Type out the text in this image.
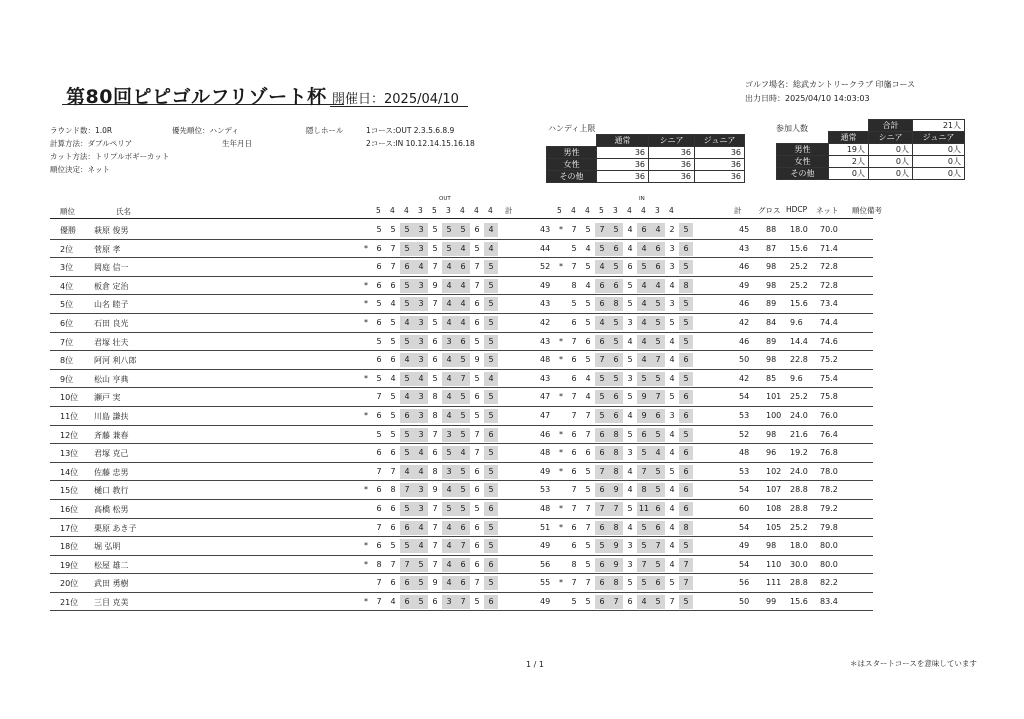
第80回ピピゴルフリゾート杯 開催日：2025/04/10
ゴルフ場名：総武カントリークラブ 印旛コース
出力日時：2025/04/10 14:03:03
ラウンド数：1.0R
計算方法：ダブルペリア
カット方法：トリプルボギーカット
順位決定：ネット
優先順位：ハンディ
生年月日
隠しホール	1コース:OUT 2.3.5.6.8.9
2コース:IN 10.12.14.15.16.18
ハンディ上限
	通常	シニア	ジュニア
男性	36	36	36
女性	36	36	36
その他	36	36	36
参加人数
			合計	21人
	通常	シニア	ジュニア
男性	19人	0人	0人
女性	2人	0人	0人
その他	0人	0人	0人
順位	氏名
OUT	IN
5 4 4 3 5 3 4 4 4 計	5 4 4 5 3 4 4 3 4	計 グロス HDCP ネット 順位備考
優勝 萩原 俊男	5	5	5	3	5	5	5	6	4	43 *	7	5	7	5	4	6	4	2	5	45 88 18.0 70.0
2位	菅原 孝	*	6	7	5	3	5	5	4	5	4	44	5	4	5	6	4	4	6	3	6	43 87 15.6 71.4
3位	岡庭 信一	6	7	6	4	7	4	6	7	5	52 *	7	5	4	5	6	5	6	3	5	46 98 25.2 72.8
4位	板倉 定治	*	6	6	5	3	9	4	4	7	5	49	8	4	6	6	5	4	4	4	8	49 98 25.2 72.8
5位	山名 睦子	*	5	4	5	3	7	4	4	6	5	43	5	5	6	8	5	4	5	3	5	46 89 15.6 73.4
6位	石田 良光	*	6	5	4	3	5	4	4	6	5	42	6	5	4	5	3	4	5	5	5	42 84 9.6 74.4
7位	君塚 壮夫	5	5	5	3	6	3	6	5	5	43 *	7	6	6	5	4	4	5	4	5	46 89 14.4 74.6
8位	阿河 利八郎	6	6	4	3	6	4	5	9	5	48 *	6	5	7	6	5	4	7	4	6	50 98 22.8 75.2
9位	松山 亨典	*	5	4	5	4	5	4	7	5	4	43	6	4	5	5	3	5	5	4	5	42 85 9.6 75.4
10位 瀬戸 実	7	5	4	3	8	4	5	6	5	47 *	7	4	5	6	5	9	7	5	6	54 101 25.2 75.8
11位 川島 謙扶	*	6	5	6	3	8	4	5	5	5	47	7	7	5	6	4	9	6	3	6	53 100 24.0 76.0
12位 斉藤 兼春	5	5	5	3	7	3	5	7	6	46 *	6	7	6	8	5	6	5	4	5	52 98 21.6 76.4
13位 君塚 克己	6	6	5	4	6	5	4	7	5	48 *	6	6	6	8	3	5	4	4	6	48 96 19.2 76.8
14位 佐藤 忠男	7	7	4	4	8	3	5	6	5	49 *	6	5	7	8	4	7	5	5	6	53 102 24.0 78.0
15位 樋口 教行	*	6	8	7	3	9	4	5	6	5	53	7	5	6	9	4	8	5	4	6	54 107 28.8 78.2
16位 高橋 松男	6	6	5	3	7	5	5	5	6	48 *	7	7	7	7	5 11 6	4	6	60 108 28.8 79.2
17位 栗原 あき子	7	6	6	4	7	4	6	6	5	51 *	6	7	6	8	4	5	6	4	8	54 105 25.2 79.8
18位 堀 弘明	*	6	5	5	4	7	4	7	6	5	49	6	5	5	9	3	5	7	4	5	49 98 18.0 80.0
19位 松屋 雄二	*	8	7	7	5	7	4	6	6	6	56	8	5	6	9	3	7	5	4	7	54 110 30.0 80.0
20位 武田 勇樹	7	6	6	5	9	4	6	7	5	55 *	7	7	6	8	5	5	6	5	7	56 111 28.8 82.2
21位 三目 克美	*	7	4	6	5	6	3	7	5	6	49	5	5	6	7	6	4	5	7	5	50 99 15.6 83.4
1 / 1	＊はスタートコースを意味しています
